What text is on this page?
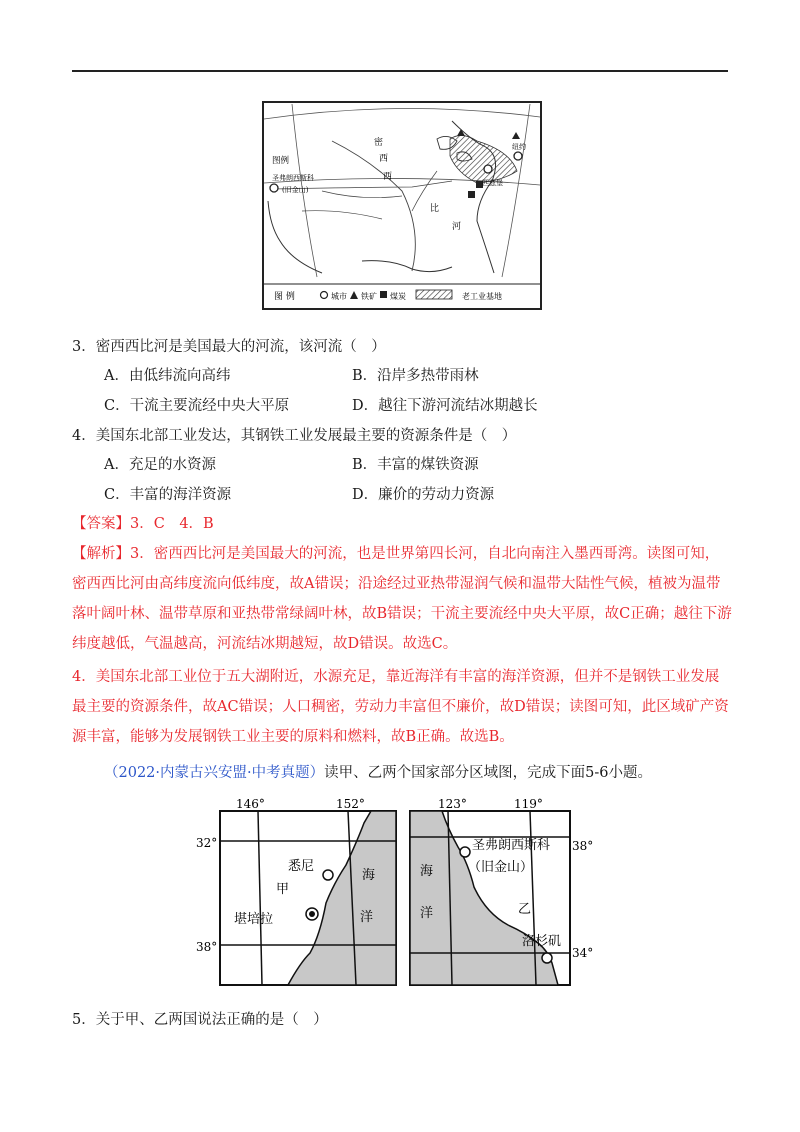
密
西
西
比
河
图例
圣弗朗西斯科
(旧金山)
纽约
匹兹堡
图 例	城市 铁矿 煤炭	老工业基地
3．密西西比河是美国最大的河流，该河流（　）
A．由低纬流向高纬	B．沿岸多热带雨林
C．干流主要流经中央大平原	D．越往下游河流结冰期越长
4．美国东北部工业发达，其钢铁工业发展最主要的资源条件是（　）
A．充足的水资源	B．丰富的煤铁资源
C．丰富的海洋资源	D．廉价的劳动力资源
【答案】3．C　4．B
【解析】3．密西西比河是美国最大的河流，也是世界第四长河，自北向南注入墨西哥湾。读图可知，密西西比河由高纬度流向低纬度，故A错误；沿途经过亚热带湿润气候和温带大陆性气候，植被为温带落叶阔叶林、温带草原和亚热带常绿阔叶林，故B错误；干流主要流经中央大平原，故C正确；越往下游纬度越低，气温越高，河流结冰期越短，故D错误。故选C。
4．美国东北部工业位于五大湖附近，水源充足，靠近海洋有丰富的海洋资源，但并不是钢铁工业发展最主要的资源条件，故AC错误；人口稠密，劳动力丰富但不廉价，故D错误；读图可知，此区域矿产资源丰富，能够为发展钢铁工业主要的原料和燃料，故B正确。故选B。
（2022·内蒙古兴安盟·中考真题）读甲、乙两个国家部分区域图，完成下面5-6小题。
146°	152°
32°
38°
悉尼
堪培拉
甲
海
洋
123°	119°
38°
34°
圣弗朗西斯科
（旧金山）
洛杉矶
乙
海
洋
5．关于甲、乙两国说法正确的是（　）
